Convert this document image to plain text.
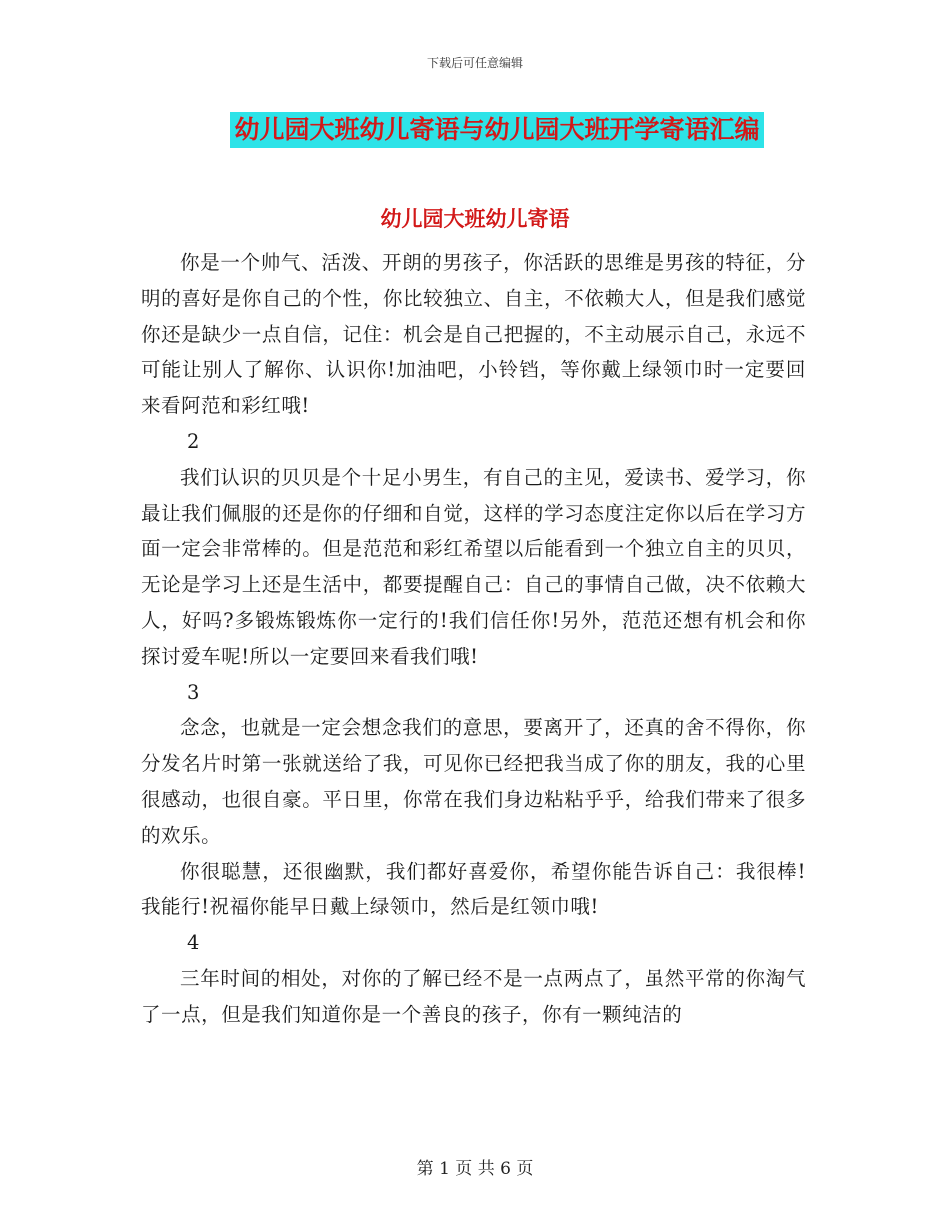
下载后可任意编辑
幼儿园大班幼儿寄语与幼儿园大班开学寄语汇编
幼儿园大班幼儿寄语

你是一个帅气、活泼、开朗的男孩子，你活跃的思维是男孩的特征，分明的喜好是你自己的个性，你比较独立、自主，不依赖大人，但是我们感觉你还是缺少一点自信，记住：机会是自己把握的，不主动展示自己，永远不可能让别人了解你、认识你!加油吧，小铃铛，等你戴上绿领巾时一定要回来看阿范和彩红哦!

2

我们认识的贝贝是个十足小男生，有自己的主见，爱读书、爱学习，你最让我们佩服的还是你的仔细和自觉，这样的学习态度注定你以后在学习方面一定会非常棒的。但是范范和彩红希望以后能看到一个独立自主的贝贝，无论是学习上还是生活中，都要提醒自己：自己的事情自己做，决不依赖大人，好吗?多锻炼锻炼你一定行的!我们信任你!另外，范范还想有机会和你探讨爱车呢!所以一定要回来看我们哦!

3

念念，也就是一定会想念我们的意思，要离开了，还真的舍不得你，你分发名片时第一张就送给了我，可见你已经把我当成了你的朋友，我的心里很感动，也很自豪。平日里，你常在我们身边粘粘乎乎，给我们带来了很多的欢乐。

你很聪慧，还很幽默，我们都好喜爱你，希望你能告诉自己：我很棒!我能行!祝福你能早日戴上绿领巾，然后是红领巾哦!

4

三年时间的相处，对你的了解已经不是一点两点了，虽然平常的你淘气了一点，但是我们知道你是一个善良的孩子，你有一颗纯洁的

第 1 页 共 6 页
